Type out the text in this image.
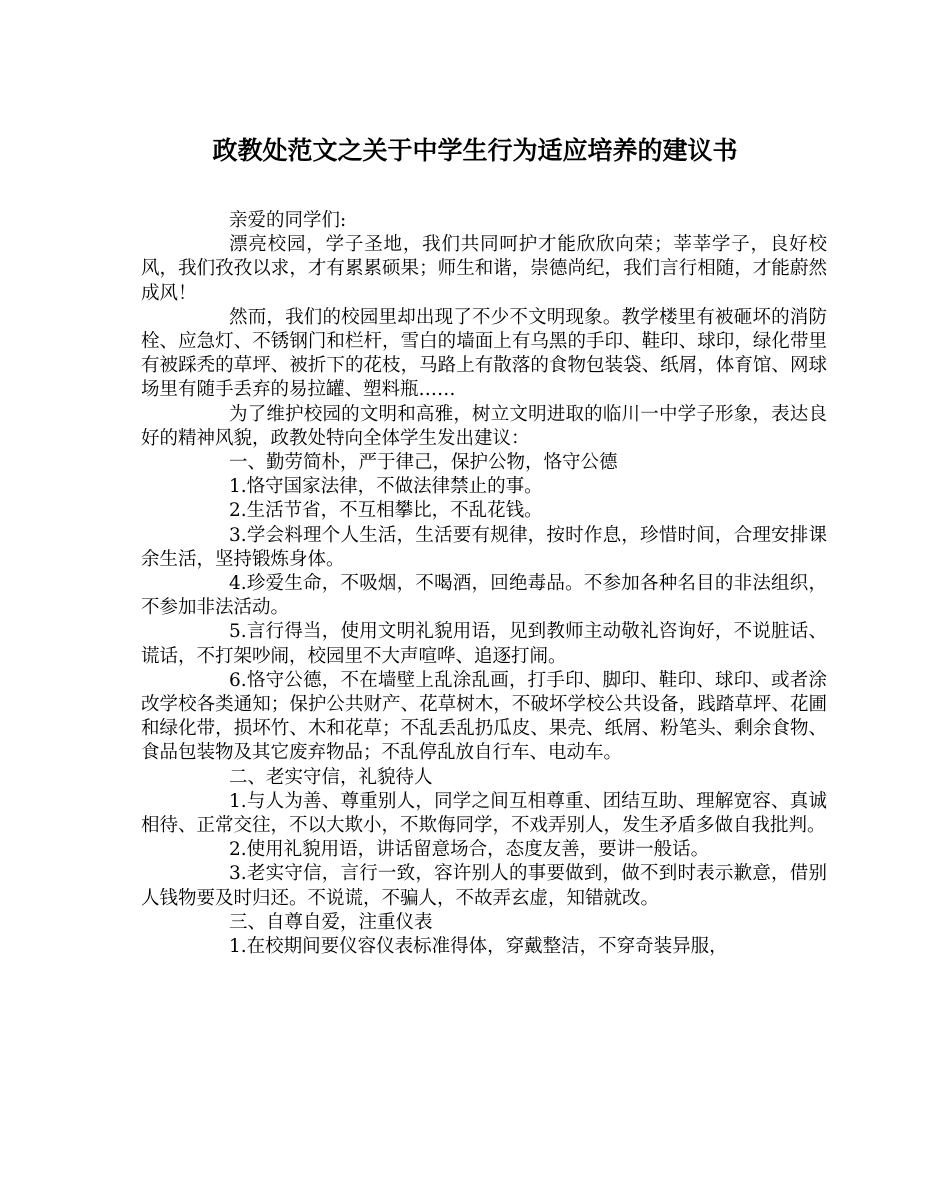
政教处范文之关于中学生行为适应培养的建议书

亲爱的同学们:

漂亮校园，学子圣地，我们共同呵护才能欣欣向荣；莘莘学子，良好校风，我们孜孜以求，才有累累硕果；师生和谐，崇德尚纪，我们言行相随，才能蔚然成风！

然而，我们的校园里却出现了不少不文明现象。教学楼里有被砸坏的消防栓、应急灯、不锈钢门和栏杆，雪白的墙面上有乌黑的手印、鞋印、球印，绿化带里有被踩秃的草坪、被折下的花枝，马路上有散落的食物包装袋、纸屑，体育馆、网球场里有随手丢弃的易拉罐、塑料瓶……

为了维护校园的文明和高雅，树立文明进取的临川一中学子形象，表达良好的精神风貌，政教处特向全体学生发出建议：

一、勤劳简朴，严于律己，保护公物，恪守公德

1.恪守国家法律，不做法律禁止的事。

2.生活节省，不互相攀比，不乱花钱。

3.学会料理个人生活，生活要有规律，按时作息，珍惜时间，合理安排课余生活，坚持锻炼身体。

4.珍爱生命，不吸烟，不喝酒，回绝毒品。不参加各种名目的非法组织，不参加非法活动。

5.言行得当，使用文明礼貌用语，见到教师主动敬礼咨询好，不说脏话、谎话，不打架吵闹，校园里不大声喧哗、追逐打闹。

6.恪守公德，不在墙壁上乱涂乱画，打手印、脚印、鞋印、球印、或者涂改学校各类通知；保护公共财产、花草树木，不破坏学校公共设备，践踏草坪、花圃和绿化带，损坏竹、木和花草；不乱丢乱扔瓜皮、果壳、纸屑、粉笔头、剩余食物、食品包装物及其它废弃物品；不乱停乱放自行车、电动车。

二、老实守信，礼貌待人

1.与人为善、尊重别人，同学之间互相尊重、团结互助、理解宽容、真诚相待、正常交往，不以大欺小，不欺侮同学，不戏弄别人，发生矛盾多做自我批判。

2.使用礼貌用语，讲话留意场合，态度友善，要讲一般话。

3.老实守信，言行一致，容许别人的事要做到，做不到时表示歉意，借别人钱物要及时归还。不说谎，不骗人，不故弄玄虚，知错就改。

三、自尊自爱，注重仪表

1.在校期间要仪容仪表标准得体，穿戴整洁，不穿奇装异服，
